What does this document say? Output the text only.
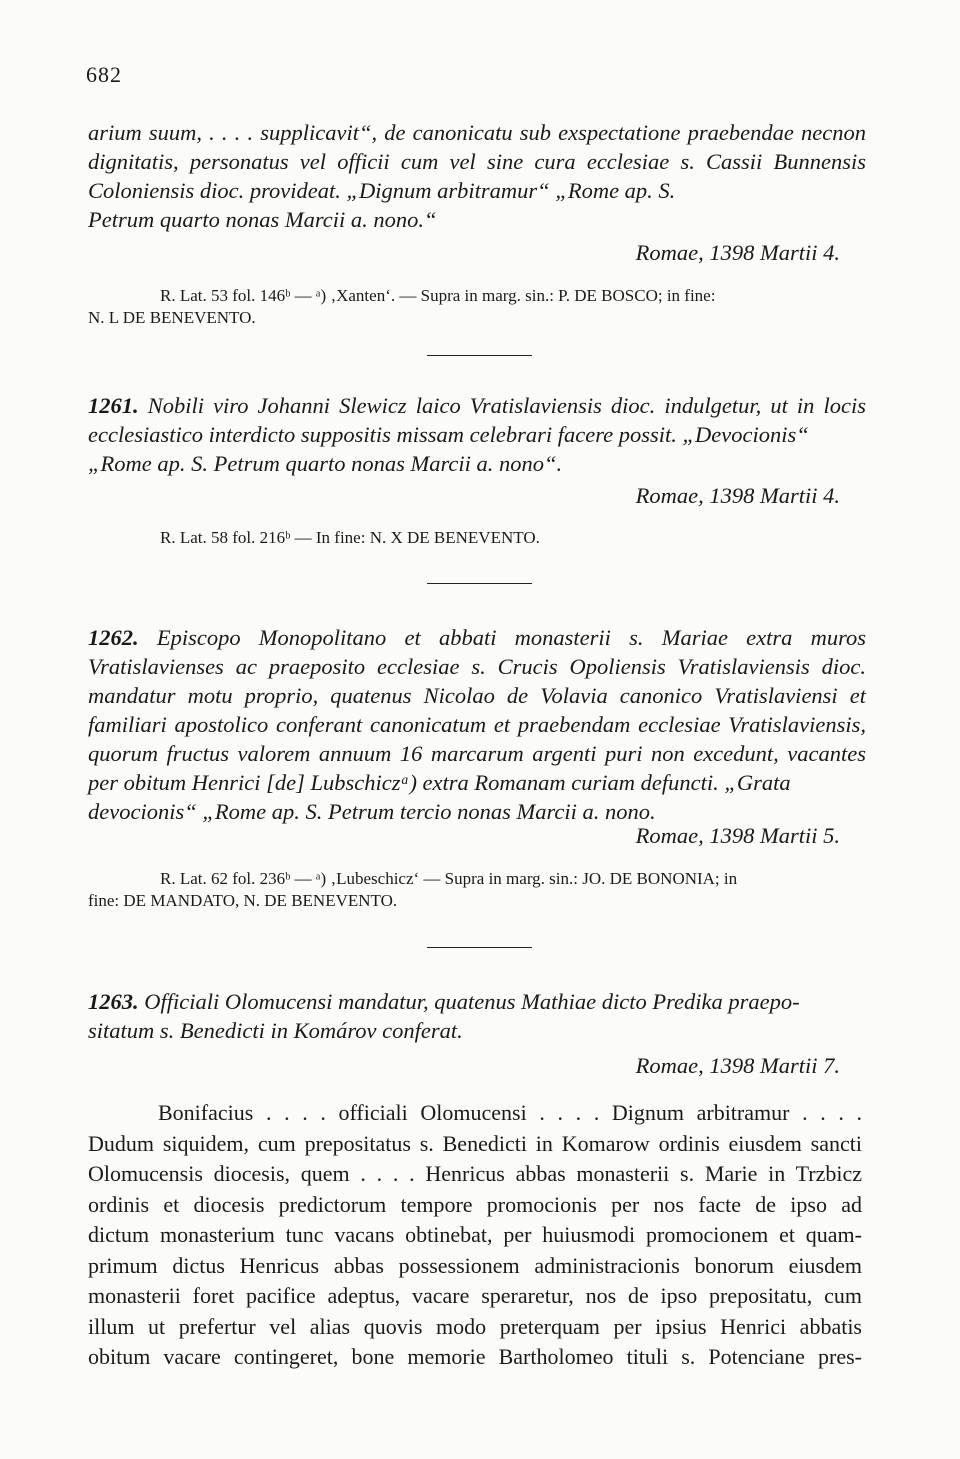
682
arium suum, . . . . supplicavit“, de canonicatu sub exspectatione praebendae necnon dignitatis, personatus vel officii cum vel sine cura ecclesiae s. Cassii Bunnensis Coloniensis dioc. provideat. „Dignum arbitramur“ „Rome ap. S.
Petrum quarto nonas Marcii a. nono.“
Romae, 1398 Martii 4.
R. Lat. 53 fol. 146ᵇ — ᵃ) ‚Xanten‘. — Supra in marg. sin.: P. DE BOSCO; in fine:
N. L DE BENEVENTO.
1261. Nobili viro Johanni Slewicz laico Vratislaviensis dioc. indulgetur, ut in locis ecclesiastico interdicto suppositis missam celebrari facere possit. „Devocionis“
„Rome ap. S. Petrum quarto nonas Marcii a. nono“.
Romae, 1398 Martii 4.
R. Lat. 58 fol. 216ᵇ — In fine: N. X DE BENEVENTO.
1262. Episcopo Monopolitano et abbati monasterii s. Mariae extra muros Vratislavienses ac praeposito ecclesiae s. Crucis Opoliensis Vratislaviensis dioc. mandatur motu proprio, quatenus Nicolao de Volavia canonico Vratislaviensi et familiari apostolico conferant canonicatum et praebendam ecclesiae Vratislaviensis, quorum fructus valorem annuum 16 marcarum argenti puri non excedunt, vacantes per obitum Henrici [de] Lubschiczᵃ) extra Romanam curiam defuncti. „Grata
devocionis“ „Rome ap. S. Petrum tercio nonas Marcii a. nono.
Romae, 1398 Martii 5.
R. Lat. 62 fol. 236ᵇ — ᵃ) ‚Lubeschicz‘ — Supra in marg. sin.: JO. DE BONONIA; in
fine: DE MANDATO, N. DE BENEVENTO.
1263. Officiali Olomucensi mandatur, quatenus Mathiae dicto Predika praepo-
sitatum s. Benedicti in Komárov conferat.
Romae, 1398 Martii 7.
Bonifacius . . . . officiali Olomucensi . . . . Dignum arbitramur . . . .
Dudum siquidem, cum prepositatus s. Benedicti in Komarow ordinis eiusdem sancti
Olomucensis diocesis, quem . . . . Henricus abbas monasterii s. Marie in Trzbicz
ordinis et diocesis predictorum tempore promocionis per nos facte de ipso ad
dictum monasterium tunc vacans obtinebat, per huiusmodi promocionem et quam-
primum dictus Henricus abbas possessionem administracionis bonorum eiusdem
monasterii foret pacifice adeptus, vacare speraretur, nos de ipso prepositatu, cum
illum ut prefertur vel alias quovis modo preterquam per ipsius Henrici abbatis
obitum vacare contingeret, bone memorie Bartholomeo tituli s. Potenciane pres-
